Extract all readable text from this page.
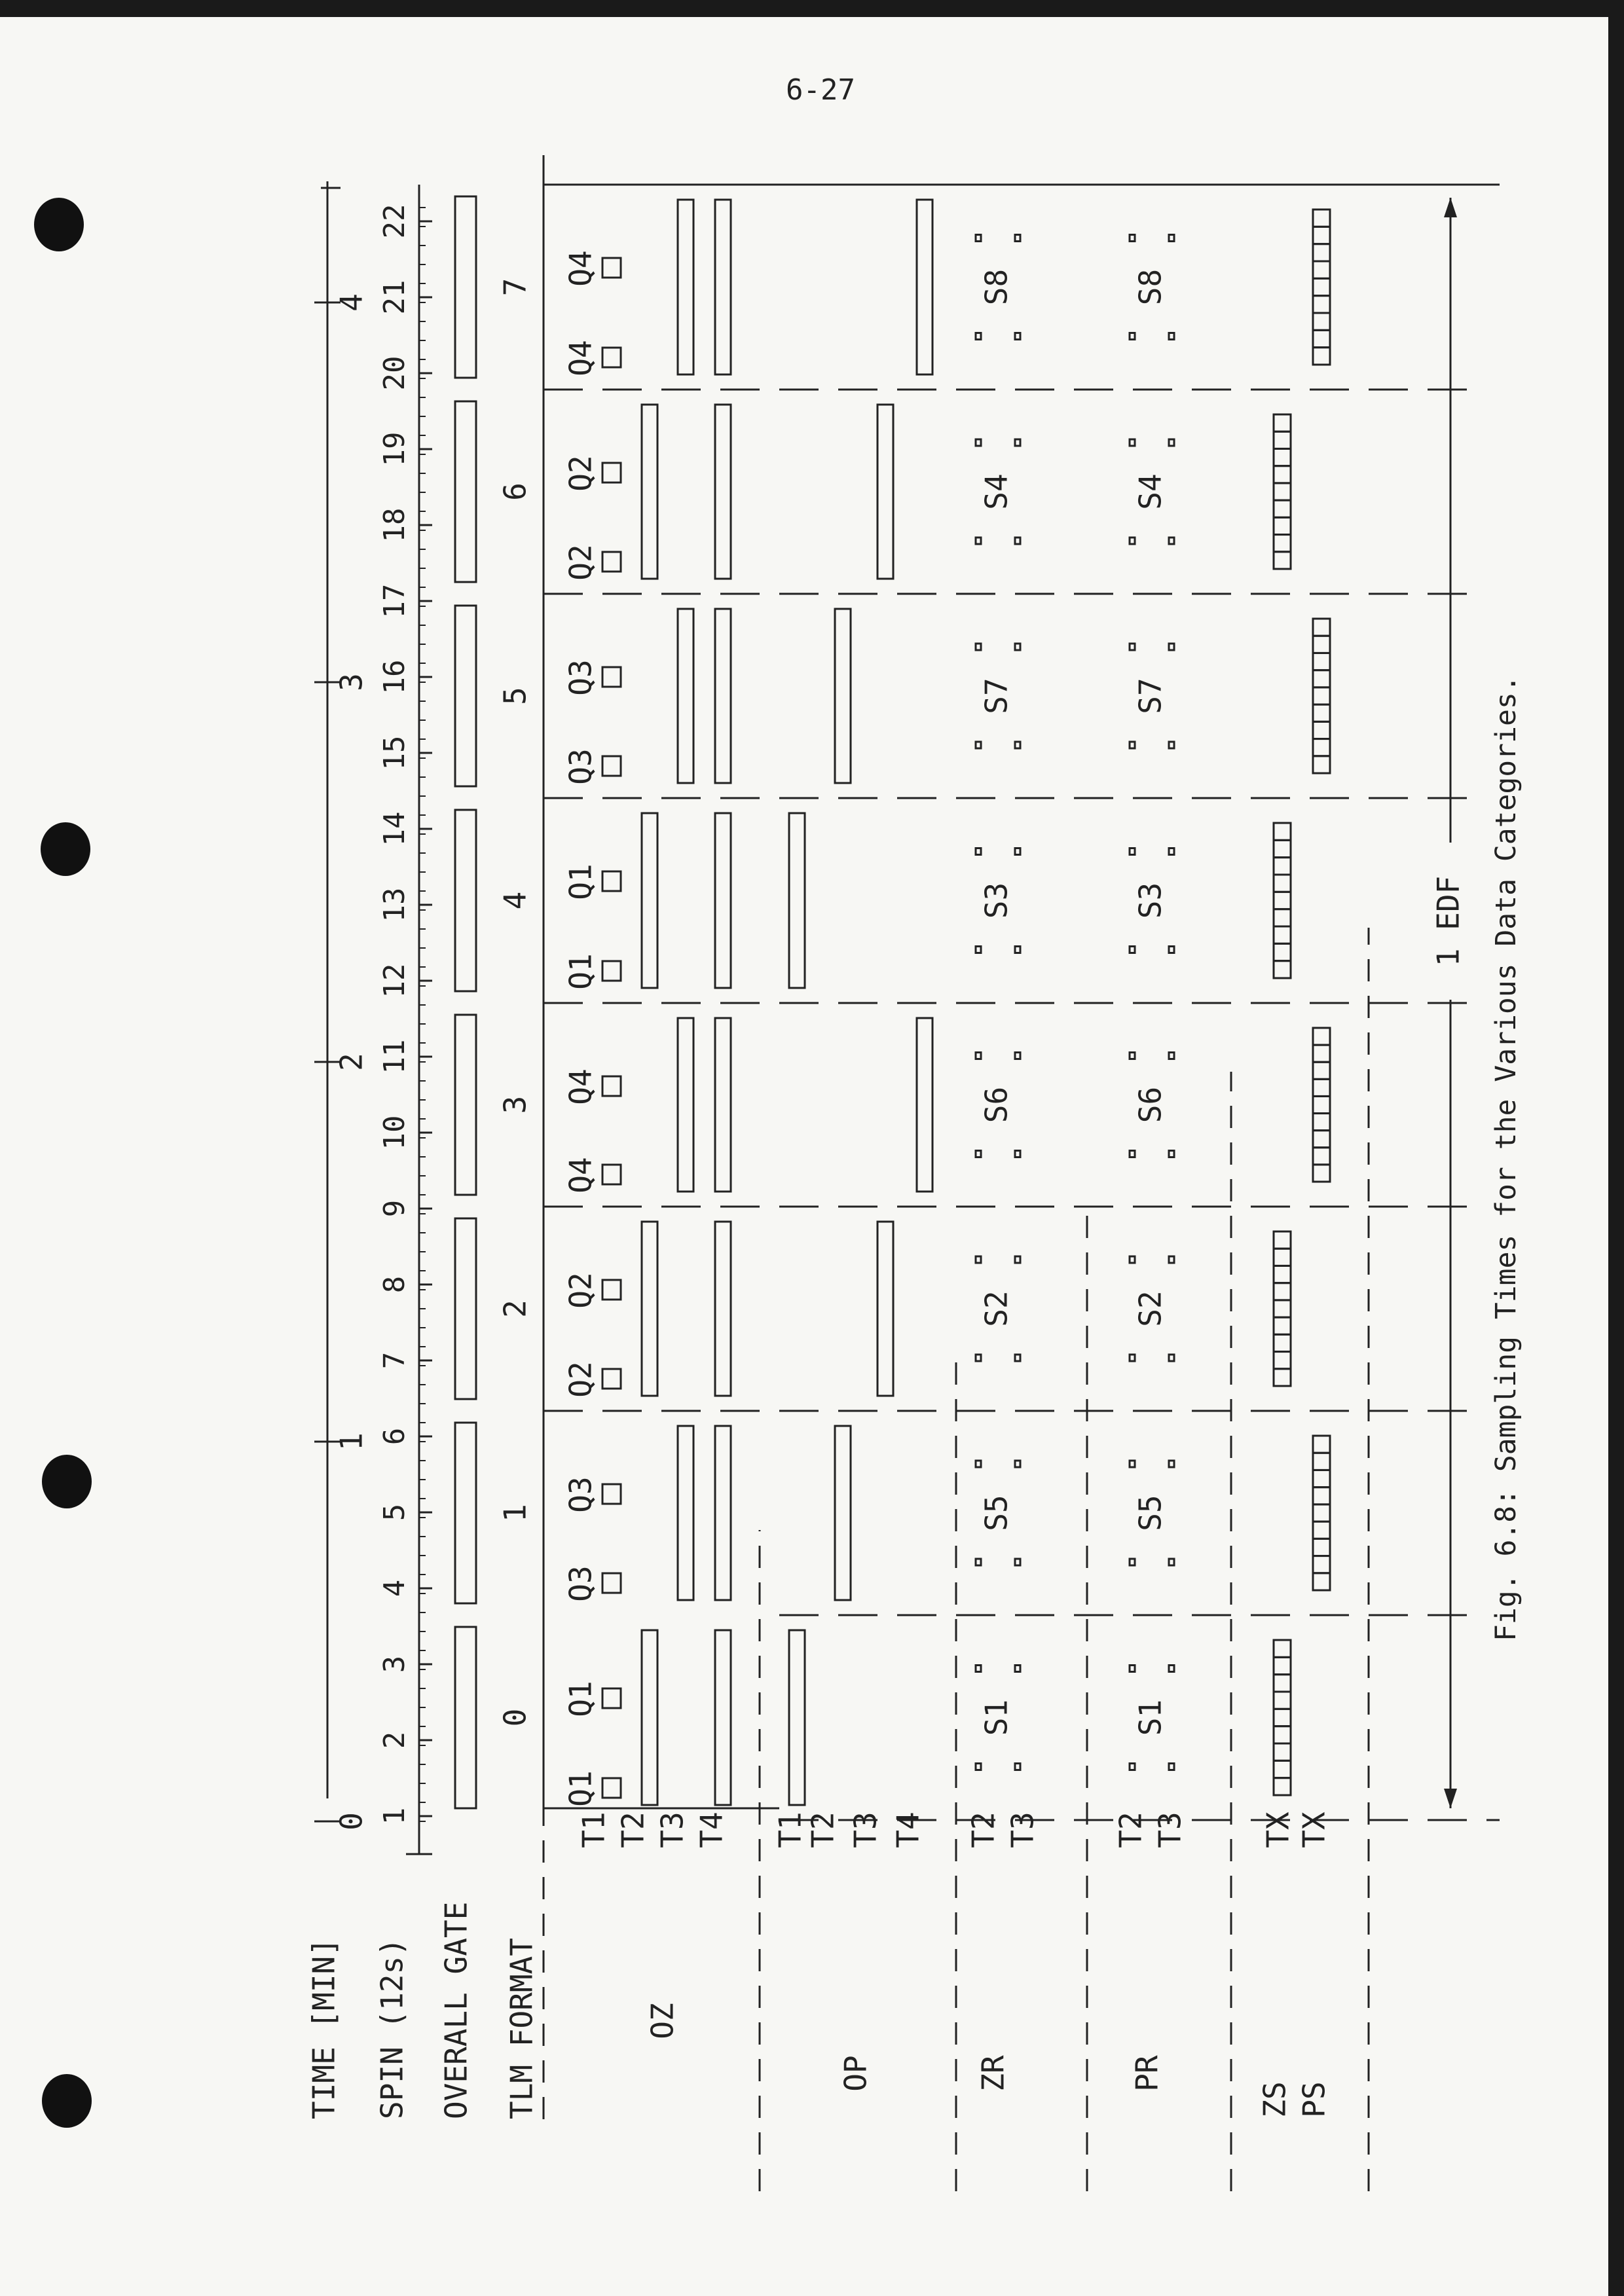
6-27
TIME [MIN] SPIN (12s) OVERALL GATE TLM FORMAT	OZ
OP	ZR	PR
ZS PS
T1 T2 T3 T4 T1
T2 T3 T4 T2 T3 T2 T3 TX TX
0
1
2
3
4
1
2
3
4
5
6
7
8
9
10
11
12
13
14
15
16
17
18
19
20
21
22
0
1
2
3
4
5
6
7
Q1
Q1
Q3
Q3
Q2
Q2
Q4
Q4
Q1
Q1
Q3
Q3
Q2
Q2
Q4
Q4
S1
S5
S2
S6
S3
S7
S4
S8
S1
S5
S2
S6
S3
S7
S4
S8
1 EDF Fig. 6.8: Sampling Times for the Various Data Categories.
